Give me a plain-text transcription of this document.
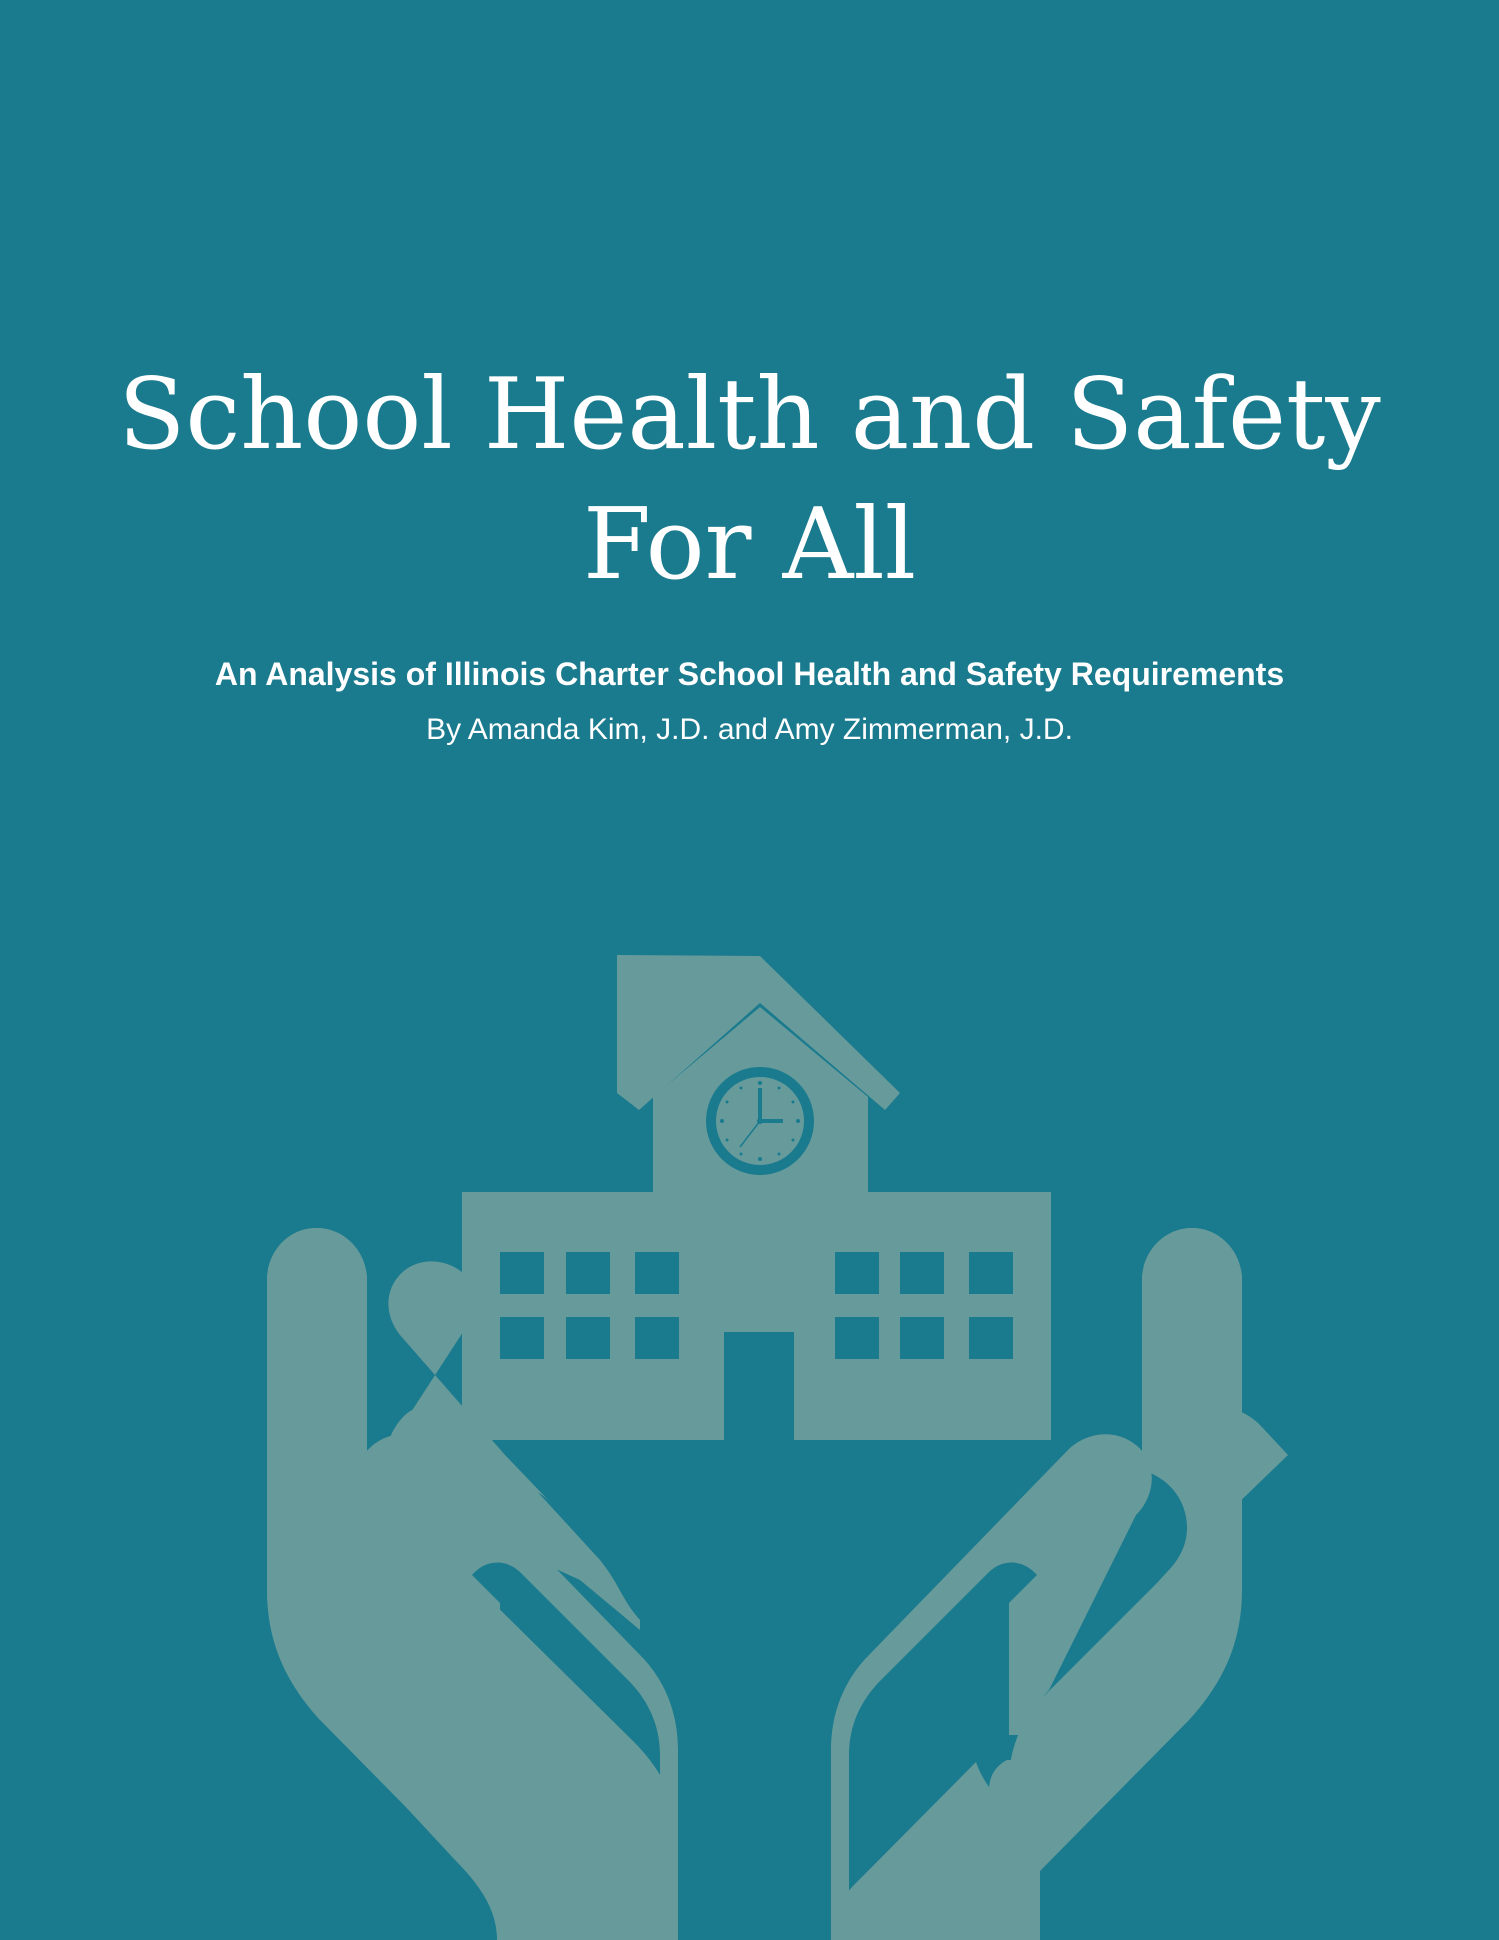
School Health and Safety
For All

An Analysis of Illinois Charter School Health and Safety Requirements

By Amanda Kim, J.D. and Amy Zimmerman, J.D.
